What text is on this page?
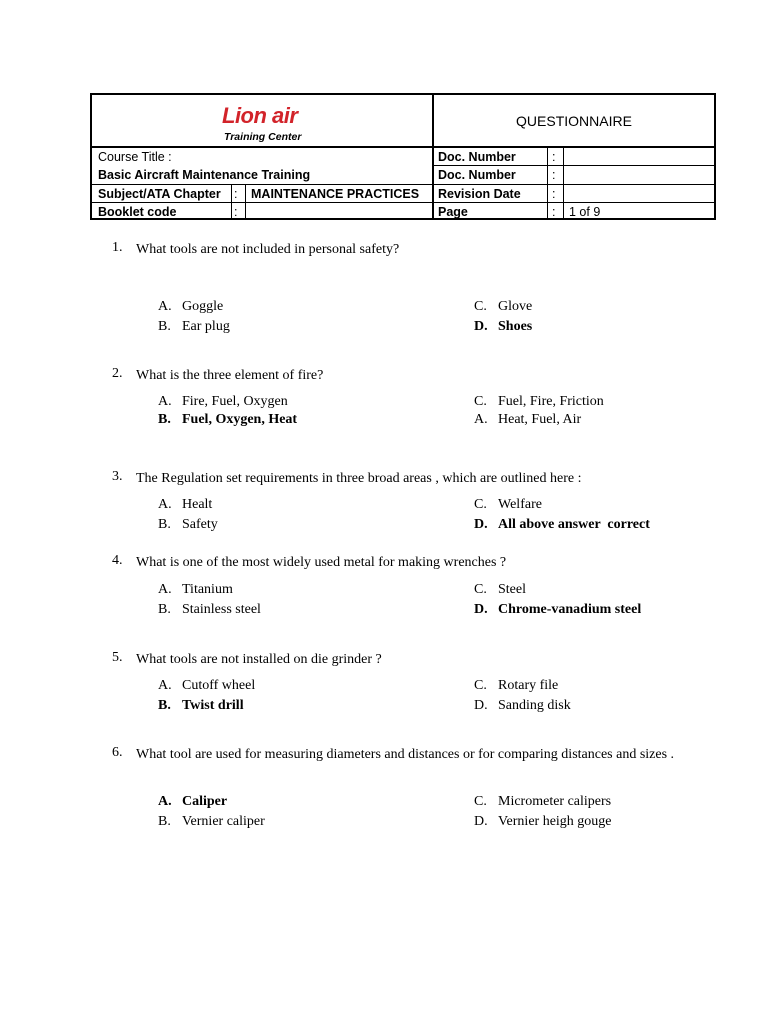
Lion air
Training Center
QUESTIONNAIRE
Course Title :
Basic Aircraft Maintenance Training
Subject/ATA Chapter : MAINTENANCE PRACTICES
Booklet code	:
Doc. Number	:
Doc. Number	:
Revision Date	:
Page	: 1 of 9
1. What tools are not included in personal safety?
A. Goggle	C. Glove
B. Ear plug	D. Shoes
2. What is the three element of fire?
A. Fire, Fuel, Oxygen	C. Fuel, Fire, Friction
B. Fuel, Oxygen, Heat	A. Heat, Fuel, Air
3. The Regulation set requirements in three broad areas , which are outlined here :
A. Healt	C. Welfare
B. Safety	D. All above answer  correct
4. What is one of the most widely used metal for making wrenches ?
A. Titanium	C. Steel
B. Stainless steel	D. Chrome-vanadium steel
5. What tools are not installed on die grinder ?
A. Cutoff wheel	C. Rotary file
B. Twist drill	D. Sanding disk
6. What tool are used for measuring diameters and distances or for comparing distances and sizes .
A. Caliper	C. Micrometer calipers
B. Vernier caliper	D. Vernier heigh gouge
